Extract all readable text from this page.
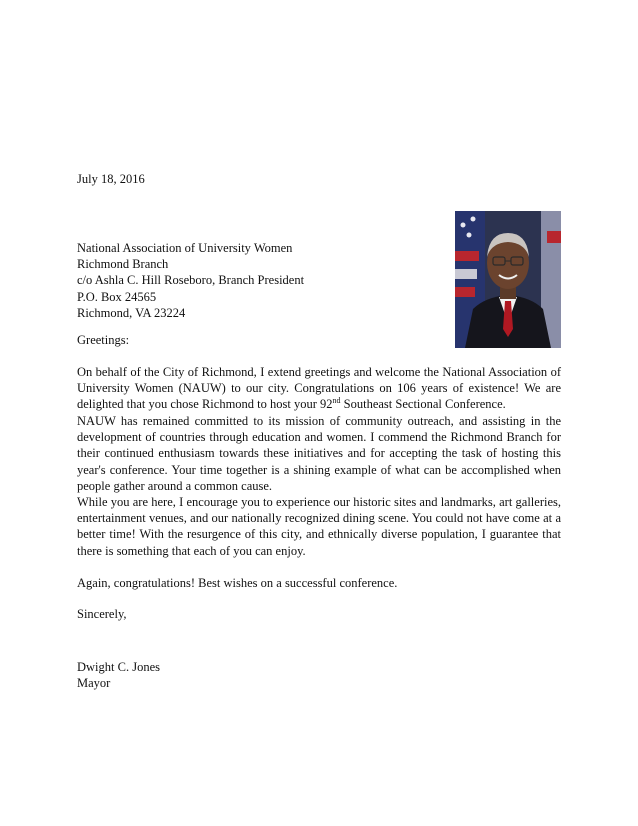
July 18, 2016
National Association of University Women
Richmond Branch
c/o Ashla C. Hill Roseboro, Branch President
P.O. Box 24565
Richmond, VA 23224
Greetings:
On behalf of the City of Richmond, I extend greetings and welcome the National Association of University Women (NAUW) to our city. Congratulations on 106 years of existence! We are delighted that you chose Richmond to host your 92nd Southeast Sectional Conference.
NAUW has remained committed to its mission of community outreach, and assisting in the development of countries through education and women. I commend the Richmond Branch for their continued enthusiasm towards these initiatives and for accepting the task of hosting this year's conference. Your time together is a shining example of what can be accomplished when people gather around a common cause.
While you are here, I encourage you to experience our historic sites and landmarks, art galleries, entertainment venues, and our nationally recognized dining scene. You could not have come at a better time! With the resurgence of this city, and ethnically diverse population, I guarantee that there is something that each of you can enjoy.
Again, congratulations! Best wishes on a successful conference.
Sincerely,
Dwight C. Jones
Mayor
